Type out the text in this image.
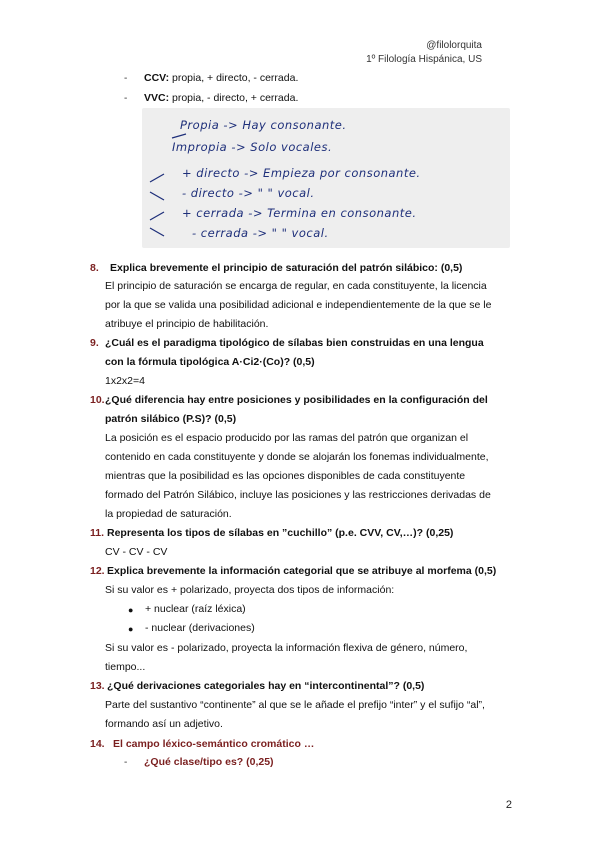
@filolorquita
1º Filología Hispánica, US
- CCV: propia, + directo, - cerrada.
- VVC: propia, - directo, + cerrada.
Propia -> Hay consonante.
Impropia -> Solo vocales.
+ directo -> Empieza por consonante.
- directo -> " " vocal.
+ cerrada -> Termina en consonante.
- cerrada -> " " vocal.
8. Explica brevemente el principio de saturación del patrón silábico: (0,5)
El principio de saturación se encarga de regular, en cada constituyente, la licencia
por la que se valida una posibilidad adicional e independientemente de la que se le
atribuye el principio de habilitación.
9. ¿Cuál es el paradigma tipológico de sílabas bien construidas en una lengua
con la fórmula tipológica A·Ci2·(Co)? (0,5)
1x2x2=4
10. ¿Qué diferencia hay entre posiciones y posibilidades en la configuración del
patrón silábico (P.S)? (0,5)
La posición es el espacio producido por las ramas del patrón que organizan el
contenido en cada constituyente y donde se alojarán los fonemas individualmente,
mientras que la posibilidad es las opciones disponibles de cada constituyente
formado del Patrón Silábico, incluye las posiciones y las restricciones derivadas de
la propiedad de saturación.
11. Representa los tipos de sílabas en ”cuchillo” (p.e. CVV, CV,…)? (0,25)
CV - CV - CV
12. Explica brevemente la información categorial que se atribuye al morfema (0,5)
Si su valor es + polarizado, proyecta dos tipos de información:
● + nuclear (raíz léxica)
● - nuclear (derivaciones)
Si su valor es - polarizado, proyecta la información flexiva de género, número,
tiempo...
13. ¿Qué derivaciones categoriales hay en “intercontinental”? (0,5)
Parte del sustantivo “continente” al que se le añade el prefijo “inter” y el sufijo “al”,
formando así un adjetivo.
14. El campo léxico-semántico cromático …
- ¿Qué clase/tipo es? (0,25)
2
